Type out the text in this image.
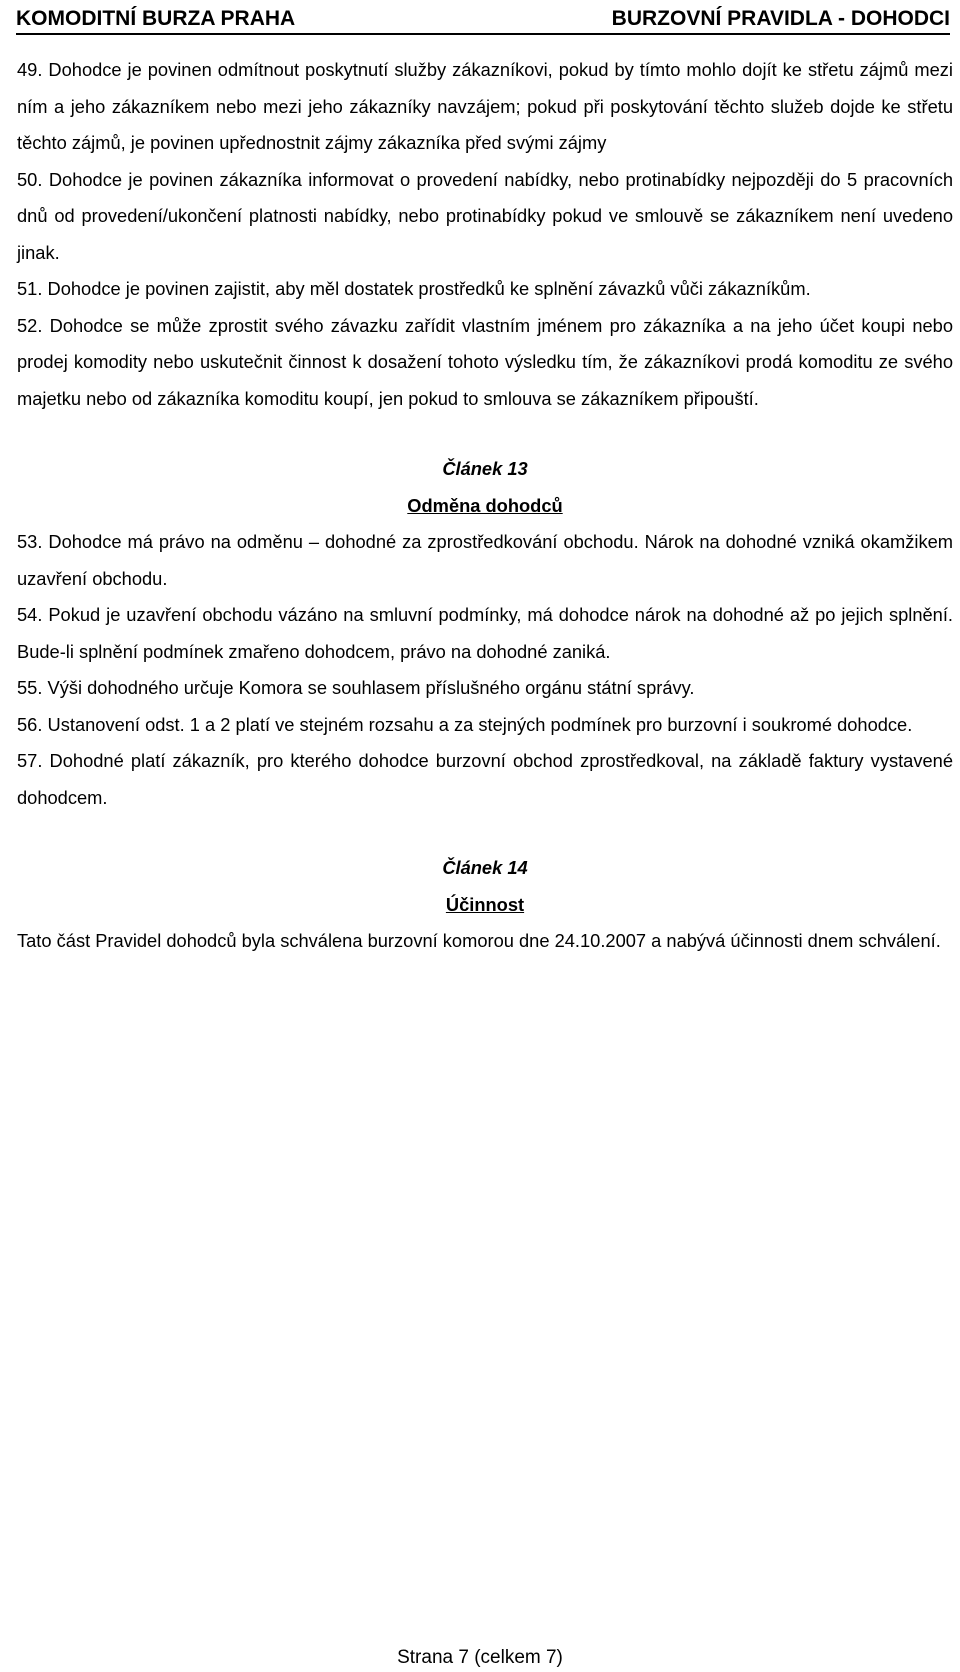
KOMODITNÍ BURZA PRAHA	BURZOVNÍ PRAVIDLA - DOHODCI

49. Dohodce je povinen odmítnout poskytnutí služby zákazníkovi, pokud by tímto mohlo dojít ke střetu zájmů mezi ním a jeho zákazníkem nebo mezi jeho zákazníky navzájem; pokud při poskytování těchto služeb dojde ke střetu těchto zájmů, je povinen upřednostnit zájmy zákazníka před svými zájmy

50. Dohodce je povinen zákazníka informovat o provedení nabídky, nebo protinabídky nejpozději do 5 pracovních dnů od provedení/ukončení platnosti nabídky, nebo protinabídky pokud ve smlouvě se zákazníkem není uvedeno jinak.

51. Dohodce je povinen zajistit, aby měl dostatek prostředků ke splnění závazků vůči zákazníkům.

52. Dohodce se může zprostit svého závazku zařídit vlastním jménem pro zákazníka a na jeho účet koupi nebo prodej komodity nebo uskutečnit činnost k dosažení tohoto výsledku tím, že zákazníkovi prodá komoditu ze svého majetku nebo od zákazníka komoditu koupí, jen pokud to smlouva se zákazníkem připouští.

Článek 13

Odměna dohodců

53. Dohodce má právo na odměnu – dohodné za zprostředkování obchodu. Nárok na dohodné vzniká okamžikem uzavření obchodu.

54. Pokud je uzavření obchodu vázáno na smluvní podmínky, má dohodce nárok na dohodné až po jejich splnění. Bude-li splnění podmínek zmařeno dohodcem, právo na dohodné zaniká.

55. Výši dohodného určuje Komora se souhlasem příslušného orgánu státní správy.

56. Ustanovení odst. 1 a 2 platí ve stejném rozsahu a za stejných podmínek pro burzovní i soukromé dohodce.

57. Dohodné platí zákazník, pro kterého dohodce burzovní obchod zprostředkoval, na základě faktury vystavené dohodcem.

Článek 14

Účinnost

Tato část Pravidel dohodců byla schválena burzovní komorou dne 24.10.2007 a nabývá účinnosti dnem schválení.

Strana 7 (celkem 7)
